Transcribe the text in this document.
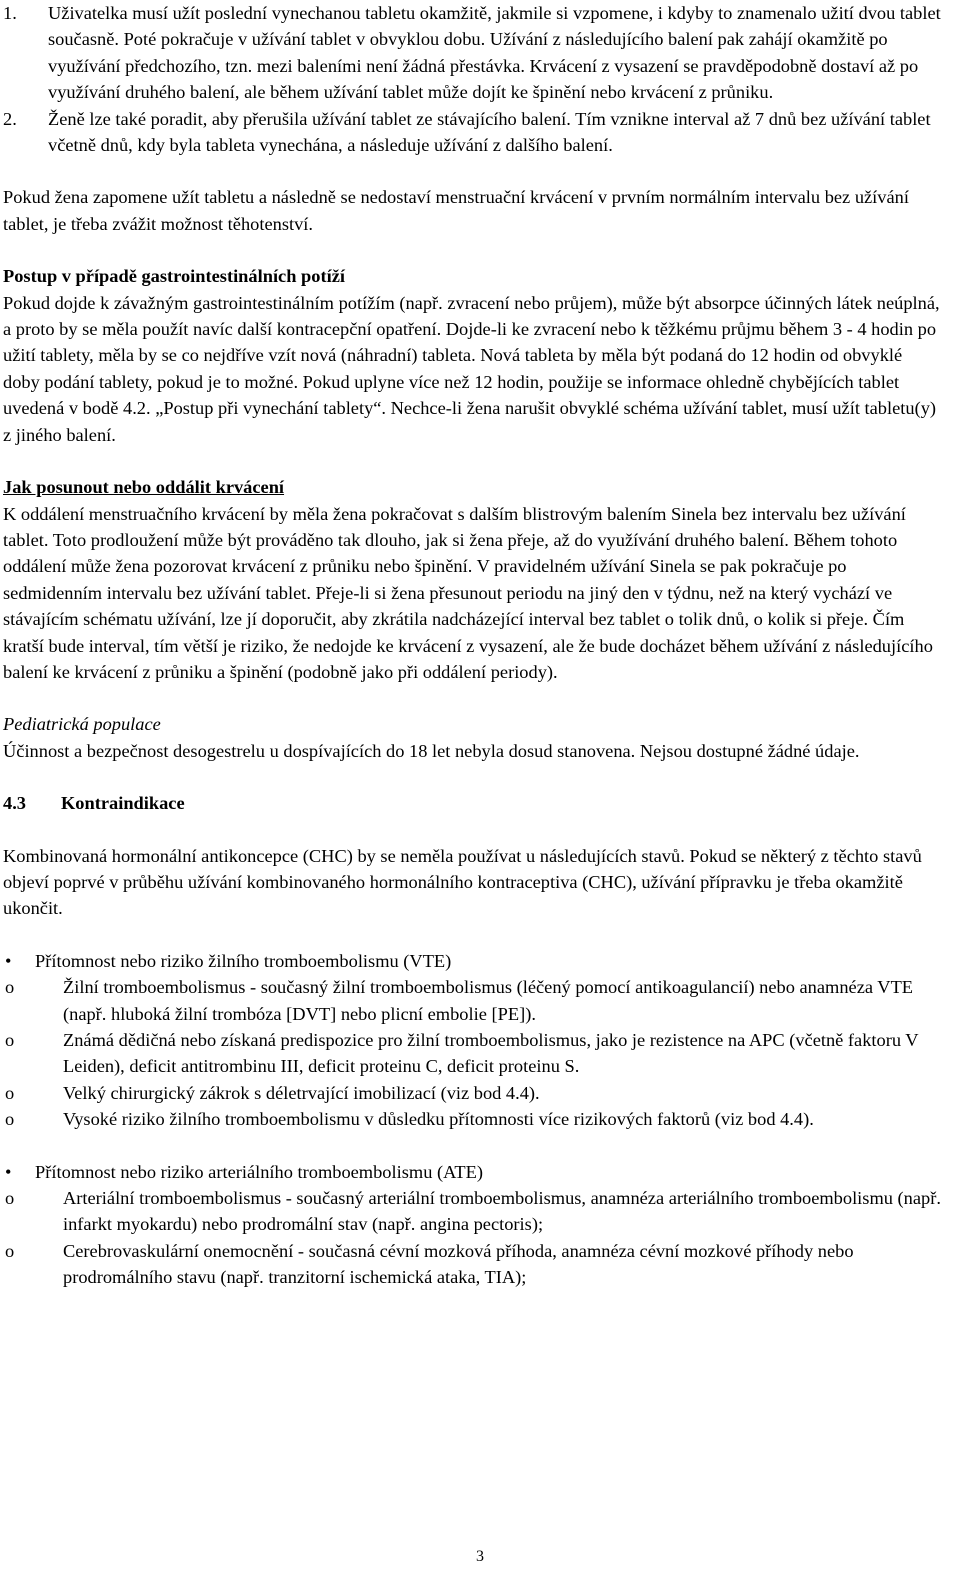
1.	Uživatelka musí užít poslední vynechanou tabletu okamžitě, jakmile si vzpomene, i kdyby to znamenalo užití dvou tablet současně. Poté pokračuje v užívání tablet v obvyklou dobu. Užívání z následujícího balení pak zahájí okamžitě po využívání předchozího, tzn. mezi baleními není žádná přestávka. Krvácení z vysazení se pravděpodobně dostaví až po využívání druhého balení, ale během užívání tablet může dojít ke špinění nebo krvácení z průniku.
2.	Ženě lze také poradit, aby přerušila užívání tablet ze stávajícího balení. Tím vznikne interval až 7 dnů bez užívání tablet včetně dnů, kdy byla tableta vynechána, a následuje užívání z dalšího balení.

Pokud žena zapomene užít tabletu a následně se nedostaví menstruační krvácení v prvním normálním intervalu bez užívání tablet, je třeba zvážit možnost těhotenství.

Postup v případě gastrointestinálních potíží

Pokud dojde k závažným gastrointestinálním potížím (např. zvracení nebo průjem), může být absorpce účinných látek neúplná, a proto by se měla použít navíc další kontracepční opatření. Dojde-li ke zvracení nebo k těžkému průjmu během 3 - 4 hodin po užití tablety, měla by se co nejdříve vzít nová (náhradní) tableta. Nová tableta by měla být podaná do 12 hodin od obvyklé doby podání tablety, pokud je to možné. Pokud uplyne více než 12 hodin, použije se informace ohledně chybějících tablet uvedená v bodě 4.2. „Postup při vynechání tablety“. Nechce-li žena narušit obvyklé schéma užívání tablet, musí užít tabletu(y) z jiného balení.

Jak posunout nebo oddálit krvácení

K oddálení menstruačního krvácení by měla žena pokračovat s dalším blistrovým balením Sinela bez intervalu bez užívání tablet. Toto prodloužení může být prováděno tak dlouho, jak si žena přeje, až do využívání druhého balení. Během tohoto oddálení může žena pozorovat krvácení z průniku nebo špinění. V pravidelném užívání Sinela se pak pokračuje po sedmidenním intervalu bez užívání tablet. Přeje-li si žena přesunout periodu na jiný den v týdnu, než na který vychází ve stávajícím schématu užívání, lze jí doporučit, aby zkrátila nadcházející interval bez tablet o tolik dnů, o kolik si přeje. Čím kratší bude interval, tím větší je riziko, že nedojde ke krvácení z vysazení, ale že bude docházet během užívání z následujícího balení ke krvácení z průniku a špinění (podobně jako při oddálení periody).

Pediatrická populace

Účinnost a bezpečnost desogestrelu u dospívajících do 18 let nebyla dosud stanovena. Nejsou dostupné žádné údaje.

4.3	Kontraindikace

Kombinovaná hormonální antikoncepce (CHC) by se neměla používat u následujících stavů. Pokud se některý z těchto stavů objeví poprvé v průběhu užívání kombinovaného hormonálního kontraceptiva (CHC), užívání přípravku je třeba okamžitě ukončit.

•	Přítomnost nebo riziko žilního tromboembolismu (VTE)
o	Žilní tromboembolismus - současný žilní tromboembolismus (léčený pomocí antikoagulancií) nebo anamnéza VTE (např. hluboká žilní trombóza [DVT] nebo plicní embolie [PE]).
o	Známá dědičná nebo získaná predispozice pro žilní tromboembolismus, jako je rezistence na APC (včetně faktoru V Leiden), deficit antitrombinu III, deficit proteinu C, deficit proteinu S.
o	Velký chirurgický zákrok s déletrvající imobilizací (viz bod 4.4).
o	Vysoké riziko žilního tromboembolismu v důsledku přítomnosti více rizikových faktorů (viz bod 4.4).
•	Přítomnost nebo riziko arteriálního tromboembolismu (ATE)
o	Arteriální tromboembolismus - současný arteriální tromboembolismus, anamnéza arteriálního tromboembolismu (např. infarkt myokardu) nebo prodromální stav (např. angina pectoris);
o	Cerebrovaskulární onemocnění - současná cévní mozková příhoda, anamnéza cévní mozkové příhody nebo prodromálního stavu (např. tranzitorní ischemická ataka, TIA);
3
